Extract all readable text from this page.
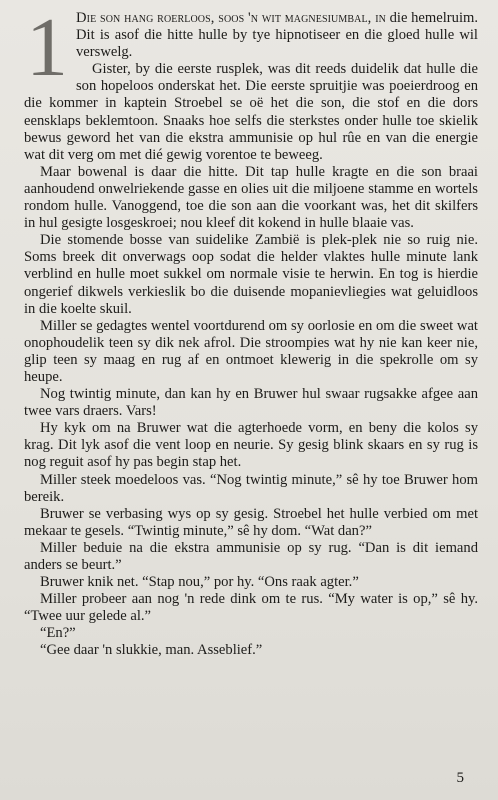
1 Die son hang roerloos, soos 'n wit magnesiumbal, in die hemelruim. Dit is asof die hitte hulle by tye hipnotiseer en die gloed hulle wil verswelg.

Gister, by die eerste rusplek, was dit reeds duidelik dat hulle die son hopeloos onderskat het. Die eerste spruitjie was poeierdroog en die kommer in kaptein Stroebel se oë het die son, die stof en die dors eensklaps beklemtoon. Snaaks hoe selfs die sterkstes onder hulle toe skielik bewus geword het van die ekstra ammunisie op hul rûe en van die energie wat dit verg om met dié gewig vorentoe te beweeg.

Maar bowenal is daar die hitte. Dit tap hulle kragte en die son braai aanhoudend onwelriekende gasse en olies uit die miljoene stamme en wortels rondom hulle. Vanoggend, toe die son aan die voorkant was, het dit skilfers in hul gesigte losgeskroei; nou kleef dit kokend in hulle blaaie vas.

Die stomende bosse van suidelike Zambië is plek-plek nie so ruig nie. Soms breek dit onverwags oop sodat die helder vlaktes hulle minute lank verblind en hulle moet sukkel om normale visie te herwin. En tog is hierdie ongerief dikwels verkieslik bo die duisende mopanievliegies wat geluidloos in die koelte skuil.

Miller se gedagtes wentel voortdurend om sy oorlosie en om die sweet wat onophoudelik teen sy dik nek afrol. Die stroompies wat hy nie kan keer nie, glip teen sy maag en rug af en ontmoet klewerig in die spekrolle om sy heupe.

Nog twintig minute, dan kan hy en Bruwer hul swaar rugsakke afgee aan twee vars draers. Vars!

Hy kyk om na Bruwer wat die agterhoede vorm, en beny die kolos sy krag. Dit lyk asof die vent loop en neurie. Sy gesig blink skaars en sy rug is nog reguit asof hy pas begin stap het.

Miller steek moedeloos vas. “Nog twintig minute,” sê hy toe Bruwer hom bereik.

Bruwer se verbasing wys op sy gesig. Stroebel het hulle verbied om met mekaar te gesels. “Twintig minute,” sê hy dom. “Wat dan?”

Miller beduie na die ekstra ammunisie op sy rug. “Dan is dit iemand anders se beurt.”

Bruwer knik net. “Stap nou,” por hy. “Ons raak agter.”

Miller probeer aan nog 'n rede dink om te rus. “My water is op,” sê hy. “Twee uur gelede al.”

“En?”

“Gee daar 'n slukkie, man. Asseblief.”

5
